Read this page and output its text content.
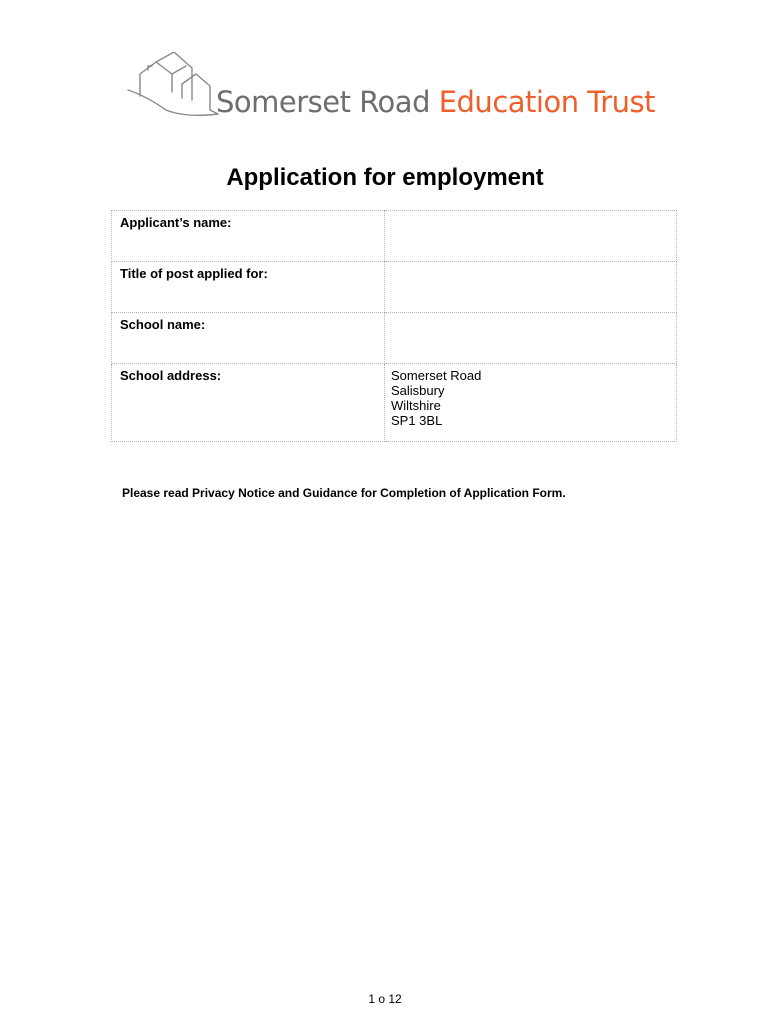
Somerset Road Education Trust
Application for employment
Applicant’s name:	
Title of post applied for:	
School name:	
School address:	Somerset Road
Salisbury
Wiltshire
SP1 3BL
Please read Privacy Notice and Guidance for Completion of Application Form.
1 o 12
